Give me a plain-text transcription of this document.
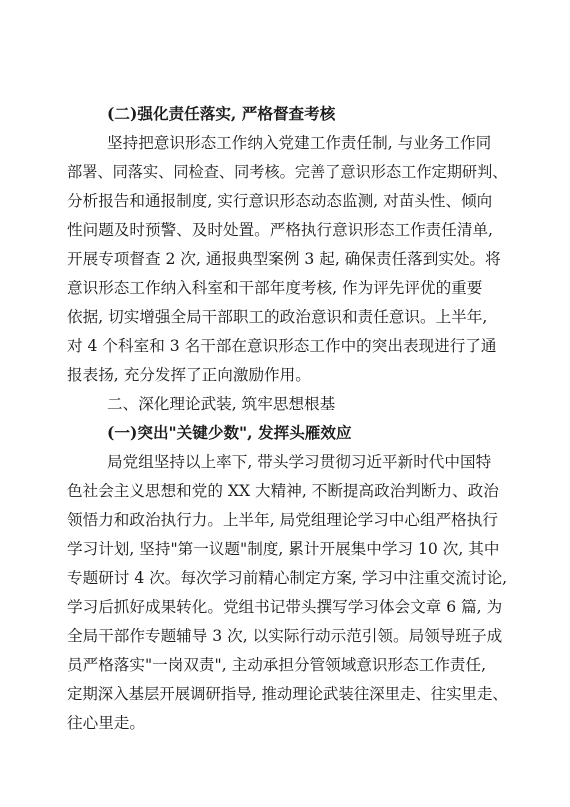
(二)强化责任落实, 严格督查考核
坚持把意识形态工作纳入党建工作责任制, 与业务工作同
部署、同落实、同检查、同考核。完善了意识形态工作定期研判、
分析报告和通报制度, 实行意识形态动态监测, 对苗头性、倾向
性问题及时预警、及时处置。严格执行意识形态工作责任清单,
开展专项督查 2 次, 通报典型案例 3 起, 确保责任落到实处。将
意识形态工作纳入科室和干部年度考核, 作为评先评优的重要
依据, 切实增强全局干部职工的政治意识和责任意识。上半年,
对 4 个科室和 3 名干部在意识形态工作中的突出表现进行了通
报表扬, 充分发挥了正向激励作用。
二、深化理论武装, 筑牢思想根基
(一)突出"关键少数", 发挥头雁效应
局党组坚持以上率下, 带头学习贯彻习近平新时代中国特
色社会主义思想和党的 XX 大精神, 不断提高政治判断力、政治
领悟力和政治执行力。上半年, 局党组理论学习中心组严格执行
学习计划, 坚持"第一议题"制度, 累计开展集中学习 10 次, 其中
专题研讨 4 次。每次学习前精心制定方案, 学习中注重交流讨论,
学习后抓好成果转化。党组书记带头撰写学习体会文章 6 篇, 为
全局干部作专题辅导 3 次, 以实际行动示范引领。局领导班子成
员严格落实"一岗双责", 主动承担分管领域意识形态工作责任,
定期深入基层开展调研指导, 推动理论武装往深里走、往实里走、
往心里走。
